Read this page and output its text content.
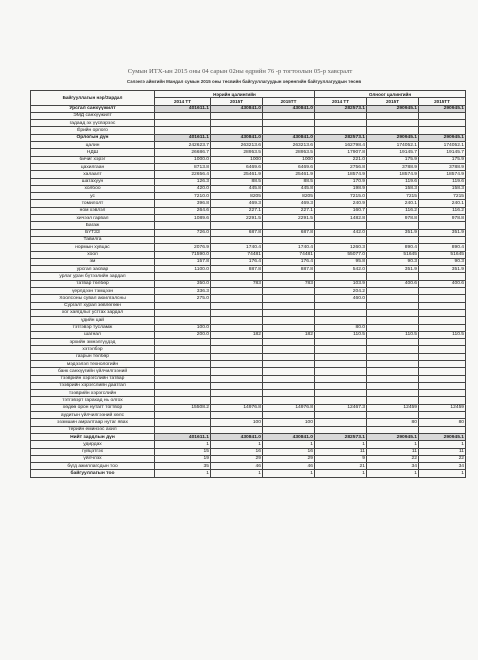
Сумын ИТХ-ын 2015 оны 04 сарын 02ны өдрийн 76 -р тогтоолын 05-р хавсралт
Сэлэнгэ аймгийн Мандал сумын 2015 оны төсвийн байгууллагуудын хөрөнгийн байгууллагуудын төсөв
Байгууллагын нэр/Зардал	Нэрийн цалингийн			Олноог цалингийн		
	2014 ТТ	2015Т	2015ТТ	2014 ТТ	2015Т	2015ТТ
Урсгал санхүүжилт	401611.1	430841.0	430841.0	282573.1	290945.1	290945.1
ЭМД санхүүжилт						
гадаад эх үүсвэрээс						
Ёрийн орлого						
Орлогын дүн	401611.1	430841.0	430841.0	282573.1	290945.1	290945.1
цалин	242623.7	263213.6	263213.6	162798.4	174052.1	174052.1
НДШ	26686.7	28953.5	28953.5	17907.8	19145.7	19145.7
бичиг хэрэг	1000.0	1000	1000	221.0	175.9	175.9
цахилгаан	8713.8	6469.6	6469.6	2756.8	3788.9	3788.9
халаалт	22656.4	25461.9	25461.9	18574.9	18574.9	18574.9
шатахуун	126.3	88.5	88.5	170.9	119.6	119.6
холбоо	420.0	445.8	445.8	198.9	158.3	158.3
ус	7210.0	8205	8205	7215.0	7215	7215
томилолт	396.8	469.3	469.3	240.9	240.1	240.1
ном хэвлэл	264.6	227.1	227.1	160.7	116.2	116.2
хичээл гарвал	1089.6	2291.5	2291.5	1482.8	978.8	978.8
Багаж						
БҮТЗЗ	726.0	687.8	687.8	442.0	351.9	351.9
Тавилга						
нормын хувцас	2076.9	1740.4	1740.4	1260.3	890.4	890.4
хоол	71590.0	74481	74481	55077.0	51645	51645
эм	157.8	176.4	176.4	95.8	90.3	90.3
урсгал засвар	1100.0	887.8	887.8	542.0	351.9	351.9
урлаг уран бүтээлийн зардал						
татвар төлбөр	350.0	783	783	103.9	400.6	400.6
үерлдээн тэмцээн	336.3			204.2		
Хоолсоны сувал аюилгалсны	275.0			460.0		
Сургалт хурал зөвлөгөөн						
хог хаягдлыг устгах зардал						
үдийн цай						
тэтгэвэр тусламж	100.0			80.0		
шагнал	200.0	182	182	110.5	110.5	110.5
эрхийн эмнэлгүүдэд						
хэтэлбэр						
газрын төлбөр						
мэдээлэл технологийн						
банк санхүүгийн үйлчилгээний						
тээврийн хэрэгслийн татвар						
тээврийн хэрэгслийн даатгал						
тээврийн хэрэгслийн						
тэтгэвэрт гарахад нь олгох						
хөдөө орон нутагт тогтвор	15508.2	14976.8	14976.8	12467.3	12459	12459
аудитын үйлчилгээний хөлс						
эзэмшин амралтаар нутаг явах		100	100		80	80
терийн еминээс ахил						
Нийт зардлын дүн	401611.1	430841.0	430841.0	282573.1	290945.1	290945.1
удирдах	1	1	1	1	1	1
гүйцэтгэх	15	16	16	11	11	11
үйлчлэх	19	29	29	9	22	22
бүгд ажиллагсдын тоо	35	46	46	21	34	34
байгууллагын тоо	1	1	1	1	1	1
